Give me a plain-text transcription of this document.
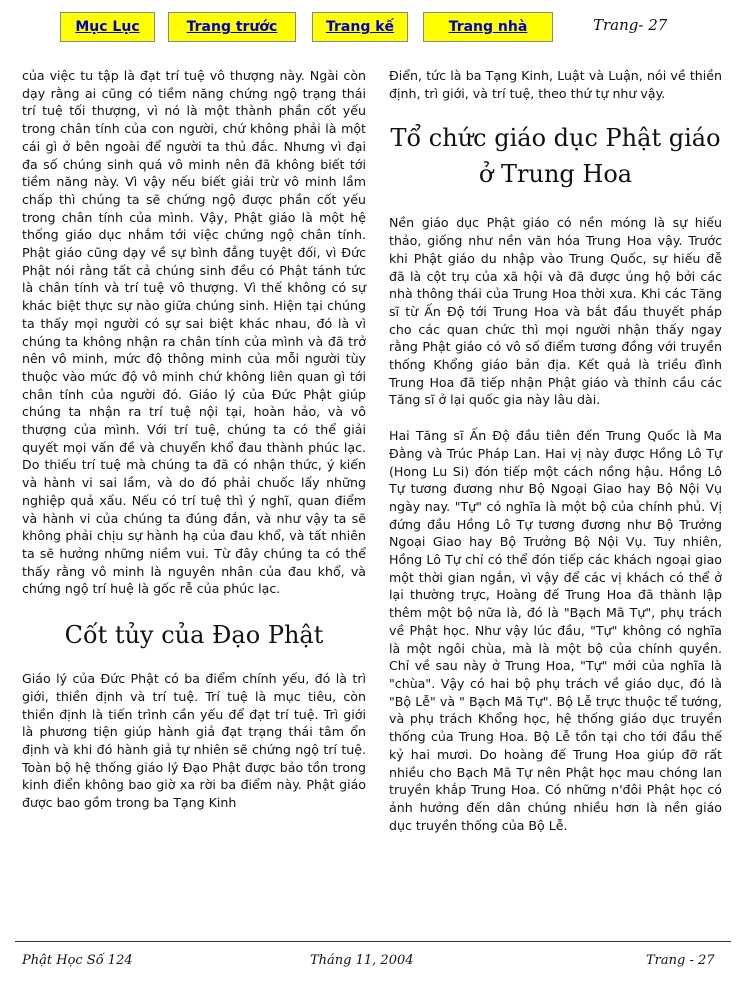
Mục Lục	Trang trước	Trang kế	Trang nhà	Trang- 27

của việc tu tập là đạt trí tuệ vô thượng này. Ngài còn dạy rằng ai cũng có tiềm năng chứng ngộ trạng thái trí tuệ tối thượng, vì nó là một thành phần cốt yếu trong chân tính của con người, chứ không phải là một cái gì ở bên ngoài để người ta thủ đắc. Nhưng vì đại đa số chúng sinh quá vô minh nên đã không biết tới tiềm năng này. Vì vậy nếu biết giải trừ vô minh lầm chấp thì chúng ta sẽ chứng ngộ được phần cốt yếu trong chân tính của mình. Vậy, Phật giáo là một hệ thống giáo dục nhắm tới việc chứng ngộ chân tính. Phật giáo cũng dạy về sự bình đẳng tuyệt đối, vì Đức Phật nói rằng tất cả chúng sinh đều có Phật tánh tức là chân tính và trí tuệ vô thượng. Vì thế không có sự khác biệt thực sự nào giữa chúng sinh. Hiện tại chúng ta thấy mọi người có sự sai biệt khác nhau, đó là vì chúng ta không nhận ra chân tính của mình và đã trở nên vô minh, mức độ thông minh của mỗi người tùy thuộc vào mức độ vô minh chứ không liên quan gì tới chân tính của người đó. Giáo lý của Đức Phật giúp chúng ta nhận ra trí tuệ nội tại, hoàn hảo, và vô thượng của mình. Với trí tuệ, chúng ta có thể giải quyết mọi vấn đề và chuyển khổ đau thành phúc lạc. Do thiếu trí tuệ mà chúng ta đã có nhận thức, ý kiến và hành vi sai lầm, và do đó phải chuốc lấy những nghiệp quả xấu. Nếu có trí tuệ thì ý nghĩ, quan điểm và hành vi của chúng ta đúng đắn, và như vậy ta sẽ không phải chịu sự hành hạ của đau khổ, và tất nhiên ta sẽ hưởng những niềm vui. Từ đây chúng ta có thể thấy rằng vô minh là nguyên nhân của đau khổ, và chứng ngộ trí huệ là gốc rễ của phúc lạc.

Cốt tủy của Đạo Phật

Giáo lý của Đức Phật có ba điểm chính yếu, đó là trì giới, thiền định và trí tuệ. Trí tuệ là mục tiêu, còn thiền định là tiến trình cần yếu để đạt trí tuệ. Trì giới là phương tiện giúp hành giả đạt trạng thái tâm ổn định và khi đó hành giả tự nhiên sẽ chứng ngộ trí tuệ. Toàn bộ hệ thống giáo lý Đạo Phật được bảo tồn trong kinh điển không bao giờ xa rời ba điểm này. Phật giáo được bao gồm trong ba Tạng Kinh

Điển, tức là ba Tạng Kinh, Luật và Luận, nói về thiền định, trì giới, và trí tuệ, theo thứ tự như vậy.

Tổ chức giáo dục Phật giáo ở Trung Hoa

Nền giáo dục Phật giáo có nền móng là sự hiếu thảo, giống như nền văn hóa Trung Hoa vậy. Trước khi Phật giáo du nhập vào Trung Quốc, sự hiếu đễ đã là cột trụ của xã hội và đã được ủng hộ bởi các nhà thông thái của Trung Hoa thời xưa. Khi các Tăng sĩ từ Ấn Độ tới Trung Hoa và bắt đầu thuyết pháp cho các quan chức thì mọi người nhận thấy ngay rằng Phật giáo có vô số điểm tương đồng với truyền thống Khổng giáo bản địa. Kết quả là triều đình Trung Hoa đã tiếp nhận Phật giáo và thỉnh cầu các Tăng sĩ ở lại quốc gia này lâu dài.

Hai Tăng sĩ Ấn Độ đầu tiên đến Trung Quốc là Ma Đằng và Trúc Pháp Lan. Hai vị này được Hồng Lô Tự (Hong Lu Si) đón tiếp một cách nồng hậu. Hồng Lô Tự tương đương như Bộ Ngoại Giao hay Bộ Nội Vụ ngày nay. "Tự" có nghĩa là một bộ của chính phủ. Vị đứng đầu Hồng Lô Tự tương đương như Bộ Trưởng Ngoại Giao hay Bộ Trưởng Bộ Nội Vụ. Tuy nhiên, Hồng Lô Tự chỉ có thể đón tiếp các khách ngoại giao một thời gian ngắn, vì vậy để các vị khách có thể ở lại thường trực, Hoàng đế Trung Hoa đã thành lập thêm một bộ nữa là, đó là "Bạch Mã Tự", phụ trách về Phật học. Như vậy lúc đầu, "Tự" không có nghĩa là một ngôi chùa, mà là một bộ của chính quyền. Chỉ về sau này ở Trung Hoa, "Tự" mới của nghĩa là "chùa". Vậy có hai bộ phụ trách về giáo dục, đó là "Bộ Lễ" và " Bạch Mã Tự". Bộ Lễ trực thuộc tể tướng, và phụ trách Khổng học, hệ thống giáo dục truyền thống của Trung Hoa. Bộ Lễ tồn tại cho tới đầu thế kỷ hai mươi. Do hoàng đế Trung Hoa giúp đỡ rất nhiều cho Bạch Mã Tự nên Phật học mau chóng lan truyền khắp Trung Hoa. Có những n'đôi Phật học có ảnh hưởng đến dân chúng nhiều hơn là nền giáo dục truyền thống của Bộ Lễ.

Phật Học Số 124	Tháng 11, 2004	Trang - 27
